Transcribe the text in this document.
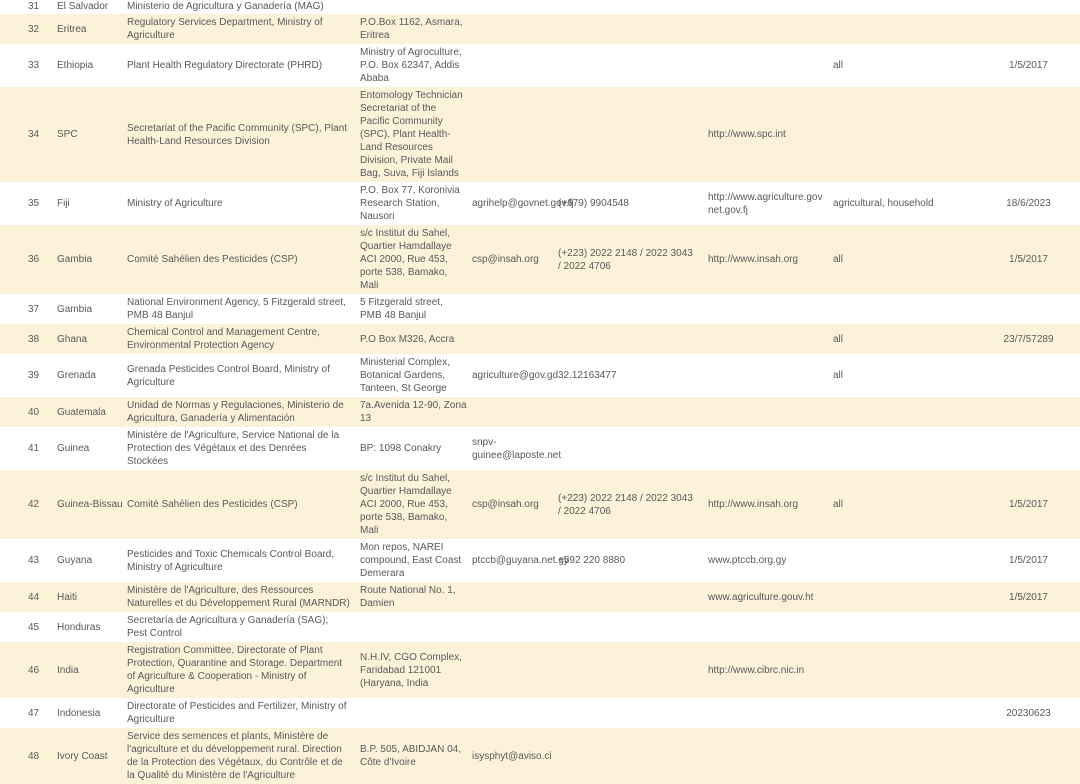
31	El Salvador	Ministerio de Agricultura y Ganadería (MAG)						
32	Eritrea	Regulatory Services Department, Ministry of Agriculture	P.O.Box 1162, Asmara, Eritrea					
33	Ethiopia	Plant Health Regulatory Directorate (PHRD)	Ministry of Agroculture, P.O. Box 62347, Addis Ababa				all	1/5/2017
34	SPC	Secretariat of the Pacific Community (SPC), Plant Health-Land Resources Division	Entomology Technician Secretariat of the Pacific Community (SPC), Plant Health-Land Resources Division, Private Mail Bag, Suva, Fiji Islands			http://www.spc.int		
35	Fiji	Ministry of Agriculture	P.O. Box 77, Koronivia Research Station, Nausori	agrihelp@govnet.gov.fj	(+679) 9904548	http://www.agriculture.govnet.gov.fj	agricultural, household	18/6/2023
36	Gambia	Comité Sahélien des Pesticides (CSP)	s/c Institut du Sahel, Quartier Hamdallaye ACI 2000, Rue 453, porte 538, Bamako, Mali	csp@insah.org	(+223) 2022 2148 / 2022 3043 / 2022 4706	http://www.insah.org	all	1/5/2017
37	Gambia	National Environment Agency, 5 Fitzgerald street, PMB 48 Banjul	5 Fitzgerald street, PMB 48 Banjul					
38	Ghana	Chemical Control and Management Centre, Environmental Protection Agency	P.O Box M326, Accra				all	23/7/57289
39	Grenada	Grenada Pesticides Control Board, Ministry of Agriculture	Ministerial Complex, Botanical Gardens, Tanteen, St George	agriculture@gov.gd	32.12163477		all	
40	Guatemala	Unidad de Normas y Regulaciones, Ministerio de Agricultura, Ganadería y Alimentación	7a.Avenida 12-90, Zona 13					
41	Guinea	Ministère de l'Agriculture, Service National de la Protection des Végétaux et des Denrées Stockées	BP: 1098 Conakry	snpv-guinee@laposte.net				
42	Guinea-Bissau	Comité Sahélien des Pesticides (CSP)	s/c Institut du Sahel, Quartier Hamdallaye ACI 2000, Rue 453, porte 538, Bamako, Mali	csp@insah.org	(+223) 2022 2148 / 2022 3043 / 2022 4706	http://www.insah.org	all	1/5/2017
43	Guyana	Pesticides and Toxic Chemicals Control Board, Ministry of Agriculture	Mon repos, NAREI compound, East Coast Demerara	ptccb@guyana.net.gy	+592 220 8880	www.ptccb.org.gy		1/5/2017
44	Haiti	Ministère de l'Agriculture, des Ressources Naturelles et du Développement Rural (MARNDR)	Route National No. 1, Damien			www.agriculture.gouv.ht		1/5/2017
45	Honduras	Secretaría de Agricultura y Ganadería (SAG); Pest Control						
46	India	Registration Committee, Directorate of Plant Protection, Quarantine and Storage. Department of Agriculture & Cooperation - Ministry of Agriculture	N.H.IV, CGO Complex, Faridabad 121001 (Haryana, India			http://www.cibrc.nic.in		
47	Indonesia	Directorate of Pesticides and Fertilizer, Ministry of Agriculture						20230623
48	Ivory Coast	Service des semences et plants, Ministère de l'agriculture et du développement rural. Direction de la Protection des Végétaux, du Contrôle et de la Qualité du Ministère de l'Agriculture	B.P. 505, ABIDJAN 04, Côte d'Ivoire	isysphyt@aviso.ci				
